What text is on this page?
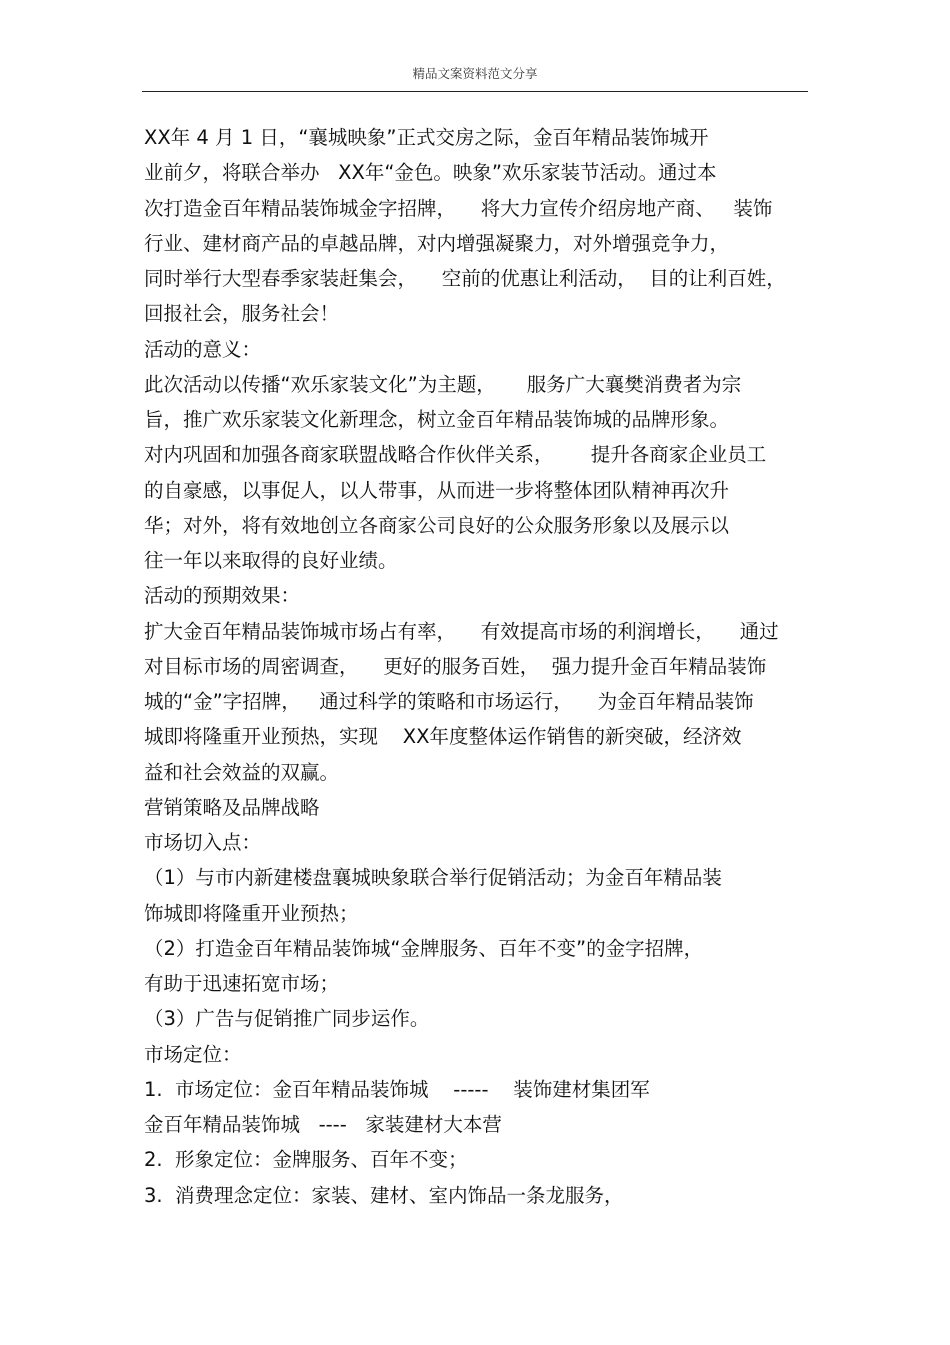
精品文案资料范文分享
XX年 4 月 1 日，“襄城映象”正式交房之际，金百年精品装饰城开
业前夕，将联合举办   XX年“金色。映象”欢乐家装节活动。通过本
次打造金百年精品装饰城金字招牌，    将大力宣传介绍房地产商、   装饰
行业、建材商产品的卓越品牌，对内增强凝聚力，对外增强竞争力，
同时举行大型春季家装赶集会，    空前的优惠让利活动，  目的让利百姓，
回报社会，服务社会！
活动的意义：
此次活动以传播“欢乐家装文化”为主题，     服务广大襄樊消费者为宗
旨，推广欢乐家装文化新理念，树立金百年精品装饰城的品牌形象。
对内巩固和加强各商家联盟战略合作伙伴关系，      提升各商家企业员工
的自豪感，以事促人，以人带事，从而进一步将整体团队精神再次升
华；对外，将有效地创立各商家公司良好的公众服务形象以及展示以
往一年以来取得的良好业绩。
活动的预期效果：
扩大金百年精品装饰城市场占有率，    有效提高市场的利润增长，    通过
对目标市场的周密调查，    更好的服务百姓，  强力提升金百年精品装饰
城的“金”字招牌，   通过科学的策略和市场运行，    为金百年精品装饰
城即将隆重开业预热，实现    XX年度整体运作销售的新突破，经济效
益和社会效益的双赢。
营销策略及品牌战略
市场切入点：
（1）与市内新建楼盘襄城映象联合举行促销活动；为金百年精品装
饰城即将隆重开业预热；
（2）打造金百年精品装饰城“金牌服务、百年不变”的金字招牌，
有助于迅速拓宽市场；
（3）广告与促销推广同步运作。
市场定位：
1.  市场定位：金百年精品装饰城    -----    装饰建材集团军
金百年精品装饰城   ----   家装建材大本营
2.  形象定位：金牌服务、百年不变；
3.  消费理念定位：家装、建材、室内饰品一条龙服务，
